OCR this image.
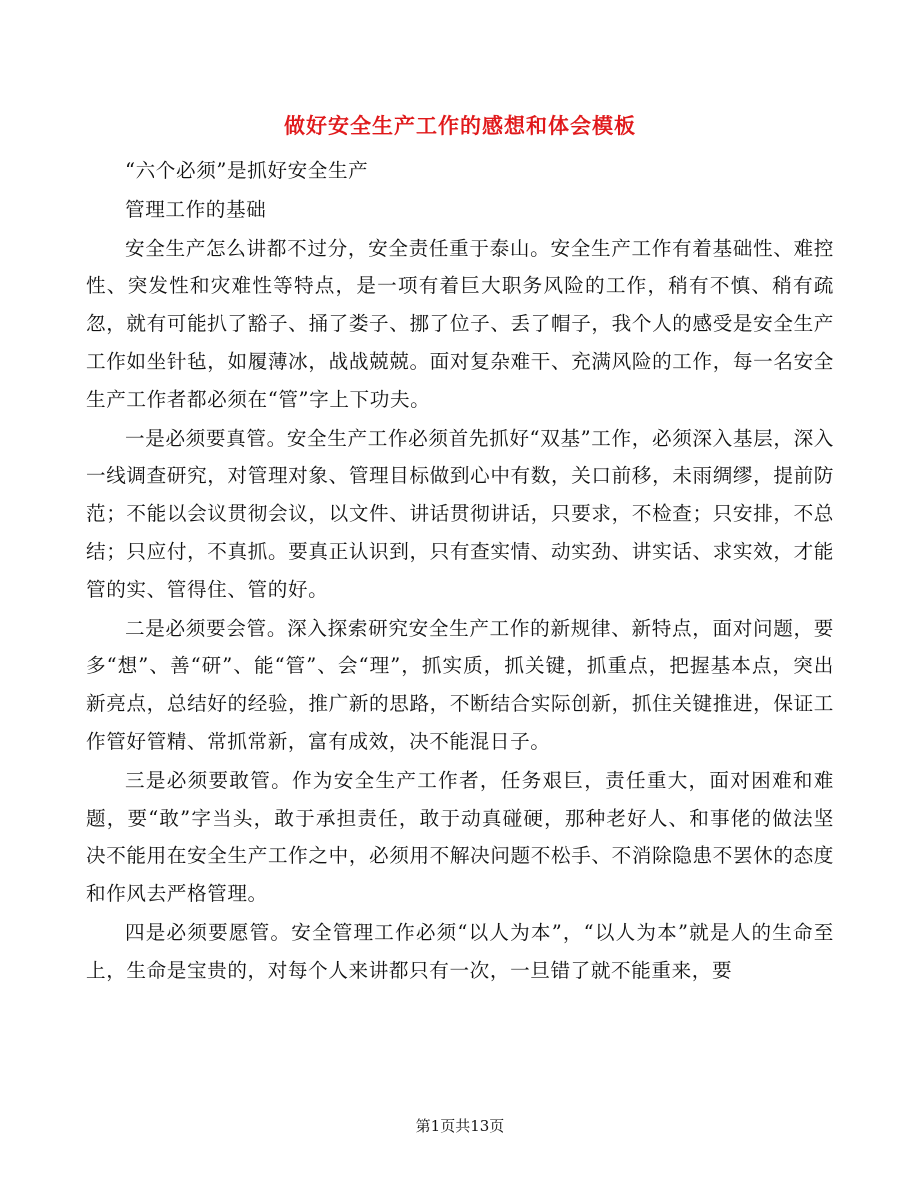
做好安全生产工作的感想和体会模板

“六个必须”是抓好安全生产

管理工作的基础

安全生产怎么讲都不过分，安全责任重于泰山。安全生产工作有着基础性、难控性、突发性和灾难性等特点，是一项有着巨大职务风险的工作，稍有不慎、稍有疏忽，就有可能扒了豁子、捅了娄子、挪了位子、丢了帽子，我个人的感受是安全生产工作如坐针毡，如履薄冰，战战兢兢。面对复杂难干、充满风险的工作，每一名安全生产工作者都必须在“管”字上下功夫。

一是必须要真管。安全生产工作必须首先抓好“双基”工作，必须深入基层，深入一线调查研究，对管理对象、管理目标做到心中有数，关口前移，未雨绸缪，提前防范；不能以会议贯彻会议，以文件、讲话贯彻讲话，只要求，不检查；只安排，不总结；只应付，不真抓。要真正认识到，只有查实情、动实劲、讲实话、求实效，才能管的实、管得住、管的好。

二是必须要会管。深入探索研究安全生产工作的新规律、新特点，面对问题，要多“想”、善“研”、能“管”、会“理”，抓实质，抓关键，抓重点，把握基本点，突出新亮点，总结好的经验，推广新的思路，不断结合实际创新，抓住关键推进，保证工作管好管精、常抓常新，富有成效，决不能混日子。

三是必须要敢管。作为安全生产工作者，任务艰巨，责任重大，面对困难和难题，要“敢”字当头，敢于承担责任，敢于动真碰硬，那种老好人、和事佬的做法坚决不能用在安全生产工作之中，必须用不解决问题不松手、不消除隐患不罢休的态度和作风去严格管理。

四是必须要愿管。安全管理工作必须“以人为本”，“以人为本”就是人的生命至上，生命是宝贵的，对每个人来讲都只有一次，一旦错了就不能重来，要

第1页共13页
